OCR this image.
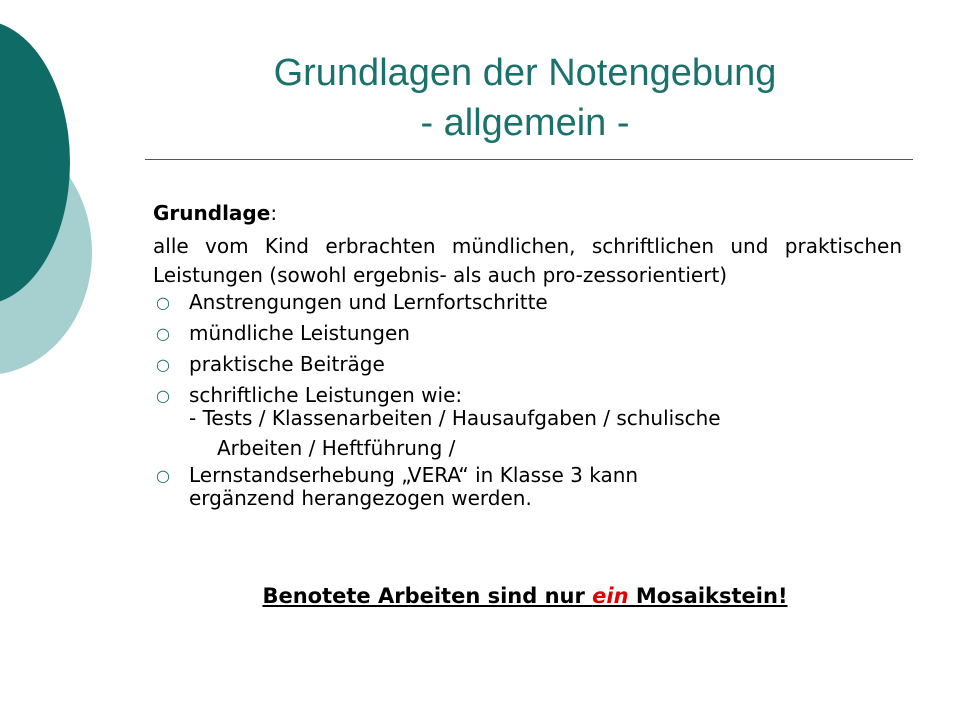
Grundlagen der Notengebung
- allgemein -
Grundlage:
alle vom Kind erbrachten mündlichen, schriftlichen und praktischen Leistungen (sowohl ergebnis- als auch pro-zessorientiert)
○ Anstrengungen und Lernfortschritte
○ mündliche Leistungen
○ praktische Beiträge
○ schriftliche Leistungen wie:
- Tests / Klassenarbeiten / Hausaufgaben / schulische
Arbeiten / Heftführung /
○ Lernstandserhebung „VERA“ in Klasse 3 kann
ergänzend herangezogen werden.
Benotete Arbeiten sind nur ein Mosaikstein!
